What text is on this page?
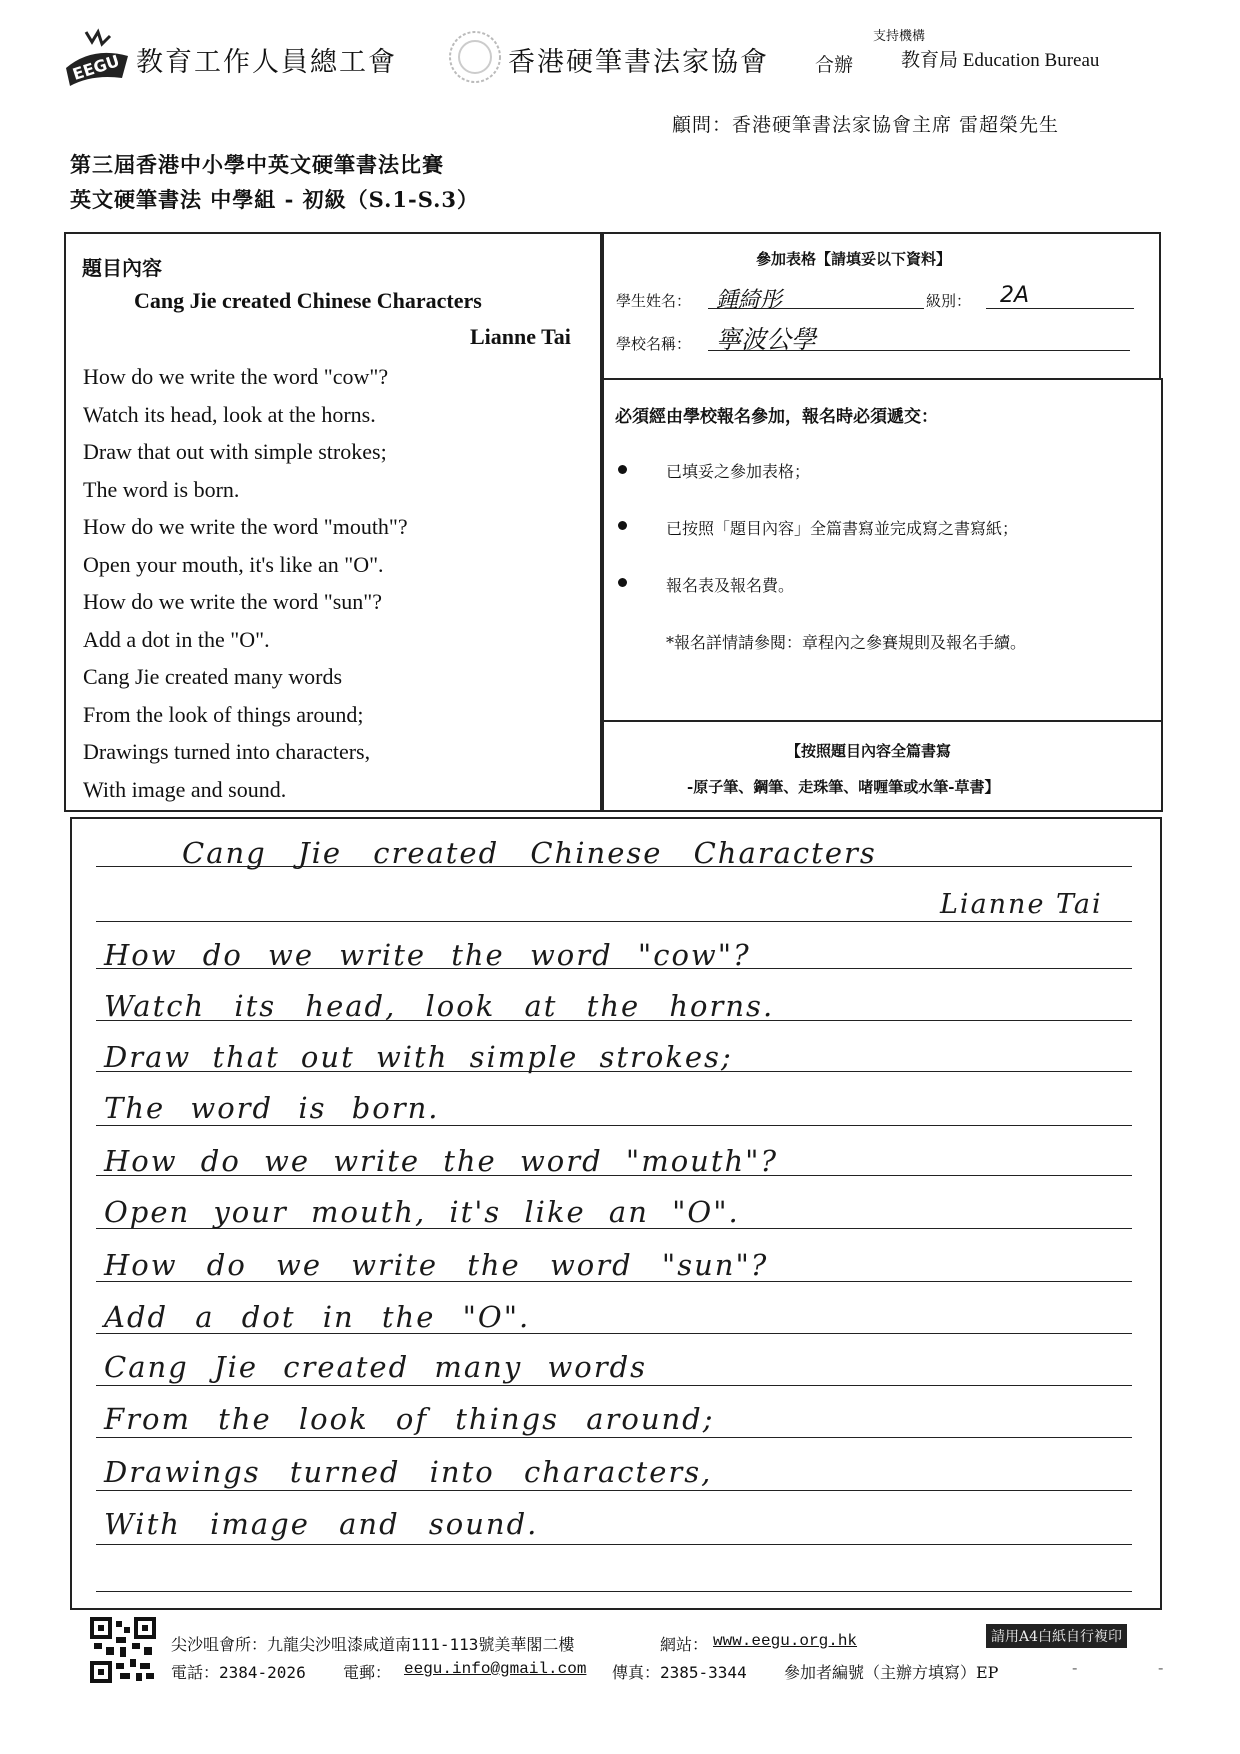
EEGU 教育工作人員總工會	香港硬筆書法家協會 合辦
支持機構
教育局 Education Bureau
顧問：香港硬筆書法家協會主席 雷超榮先生
第三屆香港中小學中英文硬筆書法比賽
英文硬筆書法 中學組 - 初級（S.1-S.3）
題目內容
Cang Jie created Chinese Characters
Lianne Tai
How do we write the word "cow"?
Watch its head, look at the horns.
Draw that out with simple strokes;
The word is born.
How do we write the word "mouth"?
Open your mouth, it's like an "O".
How do we write the word "sun"?
Add a dot in the "O".
Cang Jie created many words
From the look of things around;
Drawings turned into characters,
With image and sound.
參加表格【請填妥以下資料】
學生姓名： 鍾綺彤	級別： 2A
學校名稱： 寧波公學
必須經由學校報名參加，報名時必須遞交：
已填妥之參加表格；
已按照「題目內容」全篇書寫並完成寫之書寫紙；
報名表及報名費。
*報名詳情請參閱：章程內之參賽規則及報名手續。
【按照題目內容全篇書寫
-原子筆、鋼筆、走珠筆、啫喱筆或水筆-草書】
Cang Jie created Chinese Characters
Lianne Tai
How do we write the word "cow"?
Watch its head, look at the horns.
Draw that out with simple strokes;
The word is born.
How do we write the word "mouth"?
Open your mouth, it's like an "O".
How do we write the word "sun"?
Add a dot in the "O".
Cang Jie created many words
From the look of things around;
Drawings turned into characters,
With image and sound.
尖沙咀會所：九龍尖沙咀漆咸道南111-113號美華閣二樓	網站： www.eegu.org.hk	請用A4白紙自行複印
電話：2384-2026 電郵： eegu.info@gmail.com 傳真：2385-3344 參加者編號（主辦方填寫）EP	-	-
